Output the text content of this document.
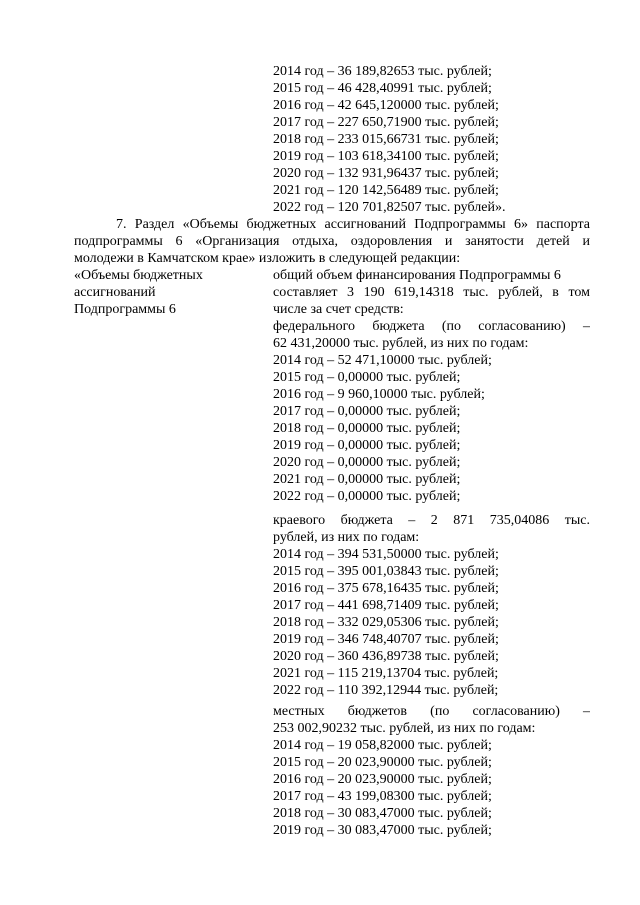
2014 год – 36 189,82653 тыс. рублей;
2015 год – 46 428,40991 тыс. рублей;
2016 год – 42 645,120000 тыс. рублей;
2017 год – 227 650,71900 тыс. рублей;
2018 год – 233 015,66731 тыс. рублей;
2019 год – 103 618,34100 тыс. рублей;
2020 год – 132 931,96437 тыс. рублей;
2021 год – 120 142,56489 тыс. рублей;
2022 год – 120 701,82507 тыс. рублей».
7. Раздел «Объемы бюджетных ассигнований Подпрограммы 6» паспорта
подпрограммы 6 «Организация отдыха, оздоровления и занятости детей и
молодежи в Камчатском крае» изложить в следующей редакции:
«Объемы бюджетных
ассигнований
Подпрограммы 6
общий объем финансирования Подпрограммы 6
составляет 3 190 619,14318 тыс. рублей, в том
числе за счет средств:
федерального бюджета (по согласованию) –
62 431,20000 тыс. рублей, из них по годам:
2014 год – 52 471,10000 тыс. рублей;
2015 год – 0,00000 тыс. рублей;
2016 год – 9 960,10000 тыс. рублей;
2017 год – 0,00000 тыс. рублей;
2018 год – 0,00000 тыс. рублей;
2019 год – 0,00000 тыс. рублей;
2020 год – 0,00000 тыс. рублей;
2021 год – 0,00000 тыс. рублей;
2022 год – 0,00000 тыс. рублей;
краевого бюджета – 2 871 735,04086 тыс.
рублей, из них по годам:
2014 год – 394 531,50000 тыс. рублей;
2015 год – 395 001,03843 тыс. рублей;
2016 год – 375 678,16435 тыс. рублей;
2017 год – 441 698,71409 тыс. рублей;
2018 год – 332 029,05306 тыс. рублей;
2019 год – 346 748,40707 тыс. рублей;
2020 год – 360 436,89738 тыс. рублей;
2021 год – 115 219,13704 тыс. рублей;
2022 год – 110 392,12944 тыс. рублей;
местных бюджетов (по согласованию) –
253 002,90232 тыс. рублей, из них по годам:
2014 год – 19 058,82000 тыс. рублей;
2015 год – 20 023,90000 тыс. рублей;
2016 год – 20 023,90000 тыс. рублей;
2017 год – 43 199,08300 тыс. рублей;
2018 год – 30 083,47000 тыс. рублей;
2019 год – 30 083,47000 тыс. рублей;
